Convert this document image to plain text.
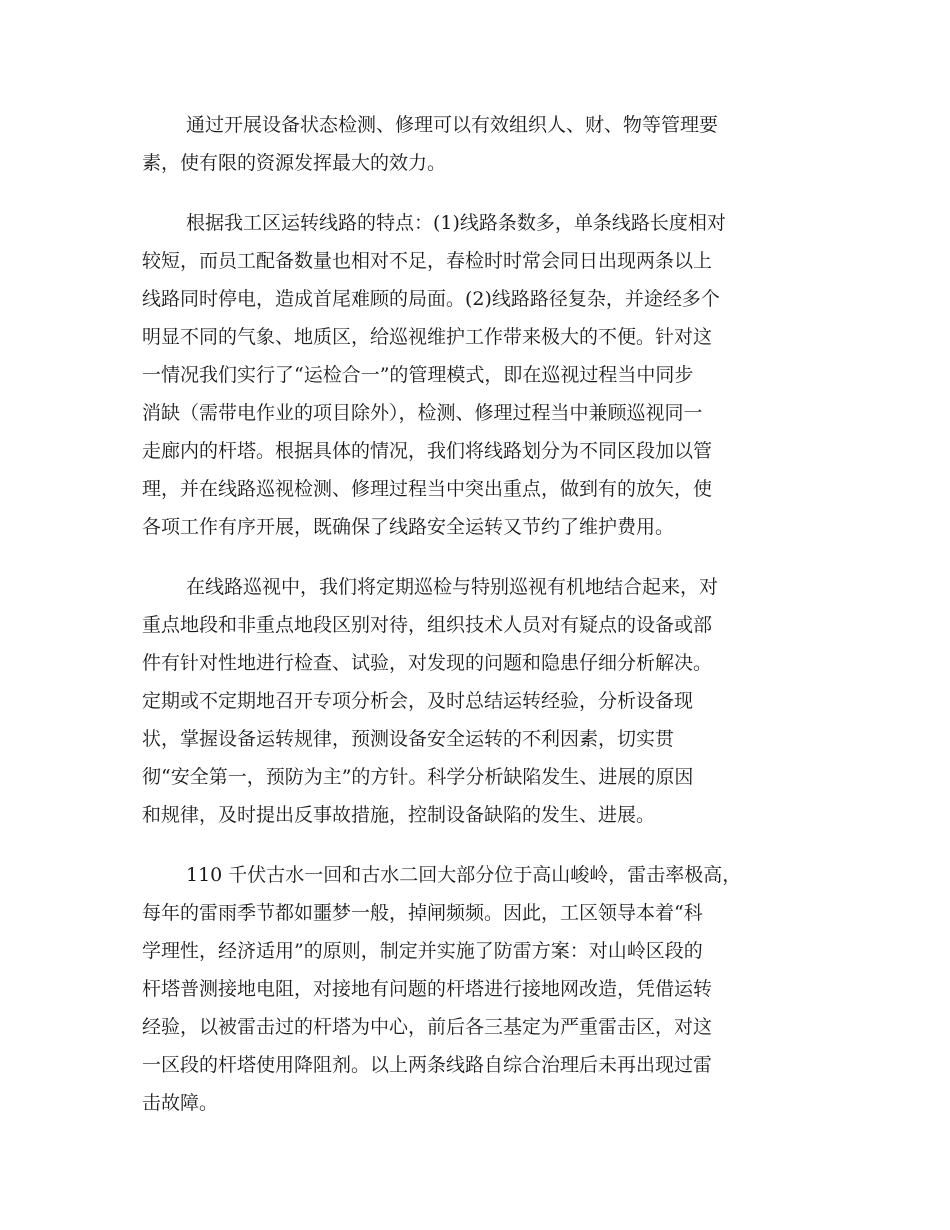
通过开展设备状态检测、修理可以有效组织人、财、物等管理要
素，使有限的资源发挥最大的效力。

根据我工区运转线路的特点：(1)线路条数多，单条线路长度相对
较短，而员工配备数量也相对不足，春检时时常会同日出现两条以上
线路同时停电，造成首尾难顾的局面。(2)线路路径复杂，并途经多个
明显不同的气象、地质区，给巡视维护工作带来极大的不便。针对这
一情况我们实行了“运检合一”的管理模式，即在巡视过程当中同步
消缺（需带电作业的项目除外），检测、修理过程当中兼顾巡视同一
走廊内的杆塔。根据具体的情况，我们将线路划分为不同区段加以管
理，并在线路巡视检测、修理过程当中突出重点，做到有的放矢，使
各项工作有序开展，既确保了线路安全运转又节约了维护费用。

在线路巡视中，我们将定期巡检与特别巡视有机地结合起来，对
重点地段和非重点地段区别对待，组织技术人员对有疑点的设备或部
件有针对性地进行检查、试验，对发现的问题和隐患仔细分析解决。
定期或不定期地召开专项分析会，及时总结运转经验，分析设备现
状，掌握设备运转规律，预测设备安全运转的不利因素，切实贯
彻“安全第一，预防为主”的方针。科学分析缺陷发生、进展的原因
和规律，及时提出反事故措施，控制设备缺陷的发生、进展。

110 千伏古水一回和古水二回大部分位于高山峻岭，雷击率极高，
每年的雷雨季节都如噩梦一般，掉闸频频。因此，工区领导本着“科
学理性，经济适用”的原则，制定并实施了防雷方案：对山岭区段的
杆塔普测接地电阻，对接地有问题的杆塔进行接地网改造，凭借运转
经验，以被雷击过的杆塔为中心，前后各三基定为严重雷击区，对这
一区段的杆塔使用降阻剂。以上两条线路自综合治理后未再出现过雷
击故障。
